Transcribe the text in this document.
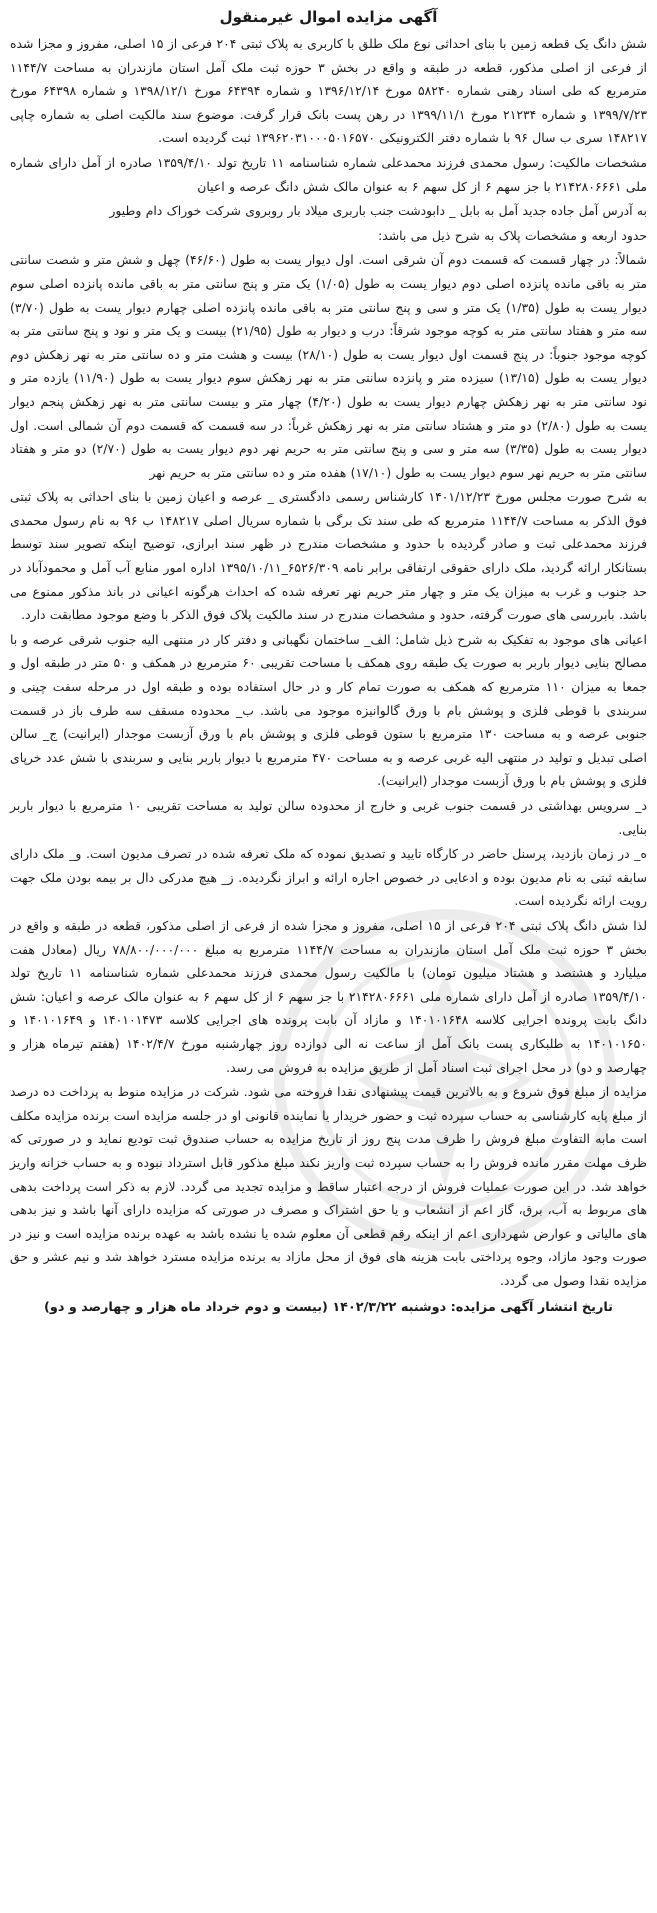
آگهی مزایده اموال غیرمنقول

شش دانگ یک قطعه زمین با بنای احداثی نوع ملک طلق با کاربری به پلاک ثبتی ۲۰۴ فرعی از ۱۵ اصلی، مفروز و مجزا شده از فرعی از اصلی مذکور، قطعه در طبقه و واقع در بخش ۳ حوزه ثبت ملک آمل استان مازندران به مساحت ۱۱۴۴/۷ مترمربع که طی اسناد رهنی شماره ۵۸۲۴۰ مورخ ۱۳۹۶/۱۲/۱۴ و شماره ۶۴۳۹۴ مورخ ۱۳۹۸/۱۲/۱ و شماره ۶۴۳۹۸ مورخ ۱۳۹۹/۷/۲۳ و شماره ۲۱۲۳۴ مورخ ۱۳۹۹/۱۱/۱ در رهن پست بانک قرار گرفت. موضوع سند مالکیت اصلی به شماره چاپی ۱۴۸۲۱۷ سری ب سال ۹۶ با شماره دفتر الکترونیکی ۱۳۹۶۲۰۳۱۰۰۰۵۰۱۶۵۷۰ ثبت گردیده است.

مشخصات مالکیت: رسول محمدی فرزند محمدعلی شماره شناسنامه ۱۱ تاریخ تولد ۱۳۵۹/۴/۱۰ صادره از آمل دارای شماره ملی ۲۱۴۲۸۰۶۶۶۱ با جز سهم ۶ از کل سهم ۶ به عنوان مالک شش دانگ عرصه و اعیان

به آدرس آمل جاده جدید آمل به بابل _ دابودشت جنب باربری میلاد بار روبروی شرکت خوراک دام وطیور

حدود اربعه و مشخصات پلاک به شرح ذیل می باشد:

شمالاً: در چهار قسمت که قسمت دوم آن شرقی است. اول دیوار یست به طول (۴۶/۶۰) چهل و شش متر و شصت سانتی متر به باقی مانده پانزده اصلی دوم دیوار یست به طول (۱/۰۵) یک متر و پنج سانتی متر به باقی مانده پانزده اصلی سوم دیوار یست به طول (۱/۳۵) یک متر و سی و پنج سانتی متر به باقی مانده پانزده اصلی چهارم دیوار یست به طول (۳/۷۰) سه متر و هفتاد سانتی متر به کوچه موجود شرقاً: درب و دیوار به طول (۲۱/۹۵) بیست و یک متر و نود و پنج سانتی متر به کوچه موجود جنوباً: در پنج قسمت اول دیوار یست به طول (۲۸/۱۰) بیست و هشت متر و ده سانتی متر به نهر زهکش دوم دیوار یست به طول (۱۳/۱۵) سیزده متر و پانزده سانتی متر به نهر زهکش سوم دیوار یست به طول (۱۱/۹۰) یازده متر و نود سانتی متر به نهر زهکش چهارم دیوار یست به طول (۴/۲۰) چهار متر و بیست سانتی متر به نهر زهکش پنجم دیوار یست به طول (۲/۸۰) دو متر و هشتاد سانتی متر به نهر زهکش غرباً: در سه قسمت که قسمت دوم آن شمالی است. اول دیوار یست به طول (۳/۳۵) سه متر و سی و پنج سانتی متر به حریم نهر دوم دیوار یست به طول (۲/۷۰) دو متر و هفتاد سانتی متر به حریم نهر سوم دیوار یست به طول (۱۷/۱۰) هفده متر و ده سانتی متر به حریم نهر

به شرح صورت مجلس مورخ ۱۴۰۱/۱۲/۲۳ کارشناس رسمی دادگستری _ عرصه و اعیان زمین با بنای احداثی به پلاک ثبتی فوق الذکر به مساحت ۱۱۴۴/۷ مترمربع که طی سند تک برگی با شماره سریال اصلی ۱۴۸۲۱۷ ب ۹۶ به نام رسول محمدی فرزند محمدعلی ثبت و صادر گردیده با حدود و مشخصات مندرج در ظهر سند ابرازی، توضیح اینکه تصویر سند توسط بستانکار ارائه گردید، ملک دارای حقوقی ارتفاقی برابر نامه ۶۵۲۶/۳۰۹_۱۳۹۵/۱۰/۱۱ اداره امور منابع آب آمل و محمودآباد در حد جنوب و غرب به میزان یک متر و چهار متر حریم نهر تعرفه شده که احداث هرگونه اعیانی در باند مذکور ممنوع می باشد. بابررسی های صورت گرفته، حدود و مشخصات مندرج در سند مالکیت پلاک فوق الذکر با وضع موجود مطابقت دارد.

اعیانی های موجود به تفکیک به شرح ذیل شامل: الف_ ساختمان نگهبانی و دفتر کار در منتهی الیه جنوب شرقی عرصه و با مصالح بنایی دیوار باربر به صورت یک طبقه روی همکف با مساحت تقریبی ۶۰ مترمربع در همکف و ۵۰ متر در طبقه اول و جمعا به میزان ۱۱۰ مترمربع که همکف به صورت تمام کار و در حال استفاده بوده و طبقه اول در مرحله سفت چینی و سربندی با قوطی فلزی و پوشش بام با ورق گالوانیزه موجود می باشد. ب_ محدوده مسقف سه طرف باز در قسمت جنوبی عرصه و به مساحت ۱۳۰ مترمربع با ستون قوطی فلزی و پوشش بام با ورق آزبست موجدار (ایرانیت) ج_ سالن اصلی تبدیل و تولید در منتهی الیه غربی عرصه و به مساحت ۴۷۰ مترمربع با دیوار باربر بنایی و سربندی با شش عدد خرپای فلزی و پوشش بام با ورق آزبست موجدار (ایرانیت).

د_ سرویس بهداشتی در قسمت جنوب غربی و خارج از محدوده سالن تولید به مساحت تقریبی ۱۰ مترمربع با دیوار باربر بنایی.

ه_ در زمان بازدید، پرسنل حاضر در کارگاه تایید و تصدیق نموده که ملک تعرفه شده در تصرف مدیون است. و_ ملک دارای سابقه ثبتی به نام مدیون بوده و ادعایی در خصوص اجاره ارائه و ابراز نگردیده. ز_ هیچ مدرکی دال بر بیمه بودن ملک جهت رویت ارائه نگردیده است.

لذا شش دانگ پلاک ثبتی ۲۰۴ فرعی از ۱۵ اصلی، مفروز و مجزا شده از فرعی از اصلی مذکور، قطعه در طبقه و واقع در بخش ۳ حوزه ثبت ملک آمل استان مازندران به مساحت ۱۱۴۴/۷ مترمربع به مبلغ ۷۸/۸۰۰/۰۰۰/۰۰۰ ریال (معادل هفت میلیارد و هشتصد و هشتاد میلیون تومان) با مالکیت رسول محمدی فرزند محمدعلی شماره شناسنامه ۱۱ تاریخ تولد ۱۳۵۹/۴/۱۰ صادره از آمل دارای شماره ملی ۲۱۴۲۸۰۶۶۶۱ با جز سهم ۶ از کل سهم ۶ به عنوان مالک عرصه و اعیان: شش دانگ بابت پرونده اجرایی کلاسه ۱۴۰۱۰۱۶۴۸ و مازاد آن بابت پرونده های اجرایی کلاسه ۱۴۰۱۰۱۴۷۳ و ۱۴۰۱۰۱۶۴۹ و ۱۴۰۱۰۱۶۵۰ به طلبکاری پست بانک آمل از ساعت نه الی دوازده روز چهارشنبه مورخ ۱۴۰۲/۴/۷ (هفتم تیرماه هزار و چهارصد و دو) در محل اجرای ثبت اسناد آمل از طریق مزایده به فروش می رسد.

مزایده از مبلغ فوق شروع و به بالاترین قیمت پیشنهادی نقدا فروخته می شود. شرکت در مزایده منوط به پرداخت ده درصد از مبلغ پایه کارشناسی به حساب سپرده ثبت و حضور خریدار یا نماینده قانونی او در جلسه مزایده است برنده مزایده مکلف است مابه التفاوت مبلغ فروش را ظرف مدت پنج روز از تاریخ مزایده به حساب صندوق ثبت تودیع نماید و در صورتی که ظرف مهلت مقرر مانده فروش را به حساب سپرده ثبت واریز نکند مبلغ مذکور قابل استرداد نبوده و به حساب خزانه واریز خواهد شد. در این صورت عملیات فروش از درجه اعتبار ساقط و مزایده تجدید می گردد. لازم به ذکر است پرداخت بدهی های مربوط به آب، برق، گاز اعم از انشعاب و یا حق اشتراک و مصرف در صورتی که مزایده دارای آنها باشد و نیز بدهی های مالیاتی و عوارض شهرداری اعم از اینکه رقم قطعی آن معلوم شده یا نشده باشد به عهده برنده مزایده است و نیز در صورت وجود مازاد، وجوه پرداختی بابت هزینه های فوق از محل مازاد به برنده مزایده مسترد خواهد شد و نیم عشر و حق مزایده نقدا وصول می گردد.

تاریخ انتشار آگهی مزایده: دوشنبه ۱۴۰۲/۳/۲۲ (بیست و دوم خرداد ماه هزار و چهارصد و دو)
